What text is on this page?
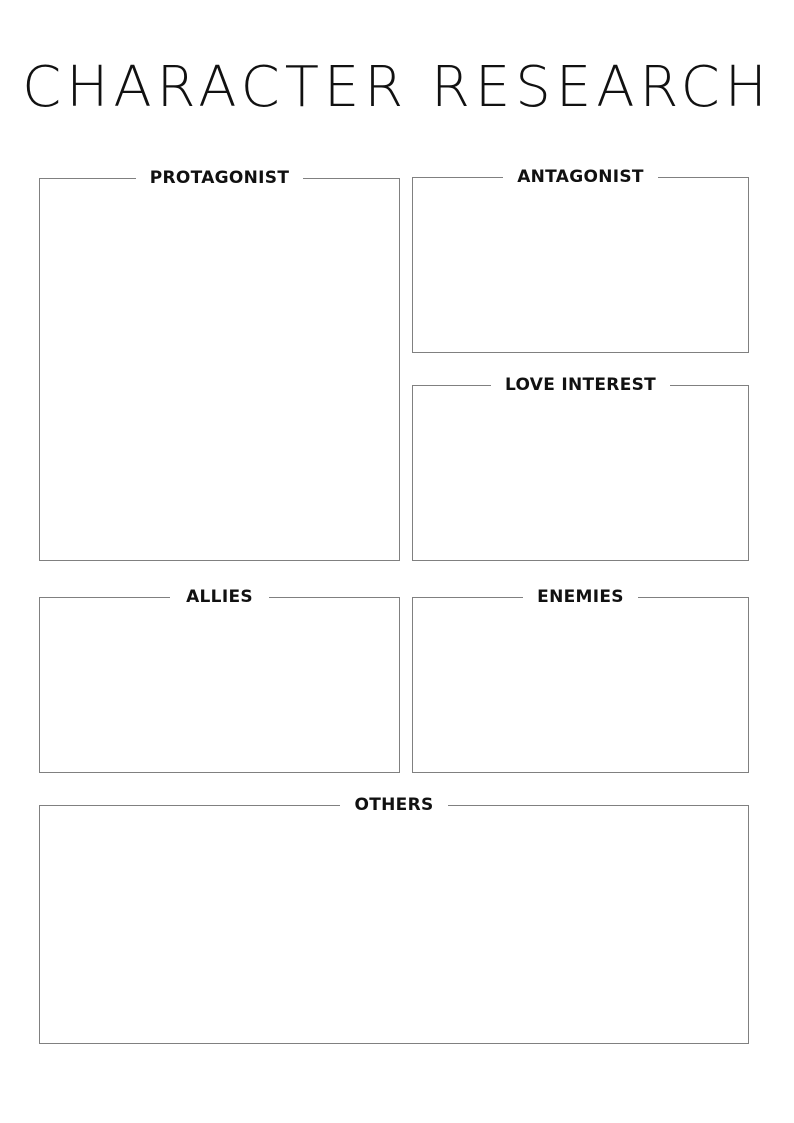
CHARACTER RESEARCH
PROTAGONIST	ANTAGONIST
LOVE INTEREST
ALLIES	ENEMIES
OTHERS
